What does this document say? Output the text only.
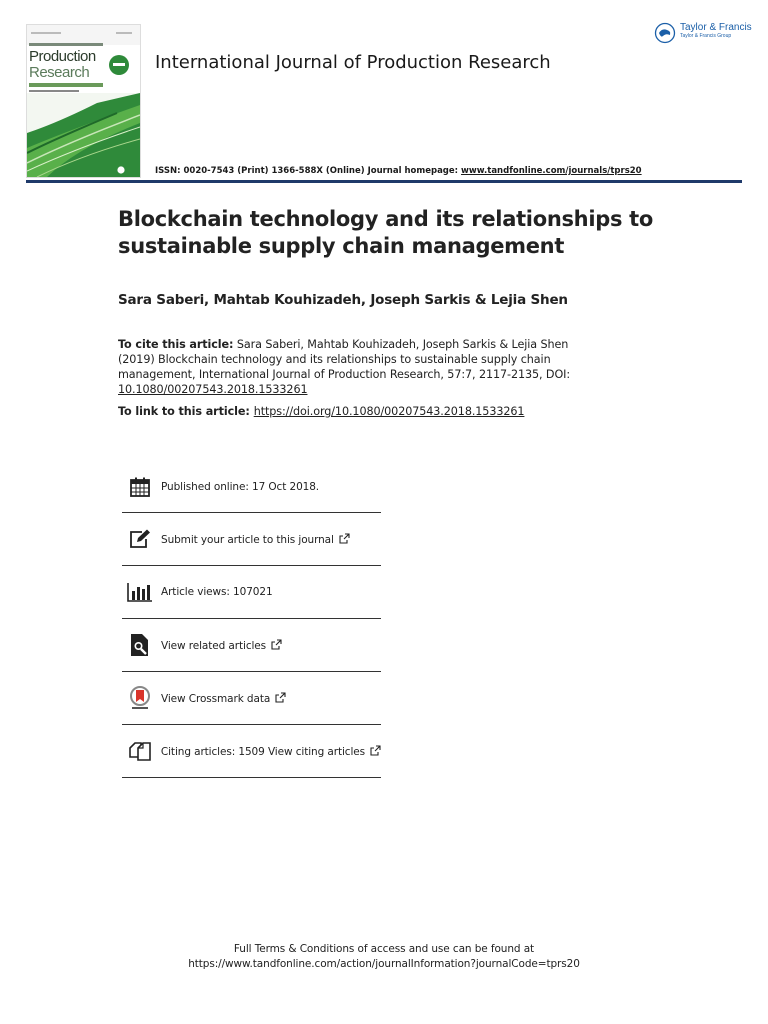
Production
Research	International Journal of Production Research
Taylor & Francis
Taylor & Francis Group
ISSN: 0020-7543 (Print) 1366-588X (Online) Journal homepage: www.tandfonline.com/journals/tprs20
Blockchain technology and its relationships to sustainable supply chain management
Sara Saberi, Mahtab Kouhizadeh, Joseph Sarkis & Lejia Shen
To cite this article: Sara Saberi, Mahtab Kouhizadeh, Joseph Sarkis & Lejia Shen (2019) Blockchain technology and its relationships to sustainable supply chain management, International Journal of Production Research, 57:7, 2117-2135, DOI: 10.1080/00207543.2018.1533261
To link to this article: https://doi.org/10.1080/00207543.2018.1533261
Published online: 17 Oct 2018.
Submit your article to this journal
Article views: 107021
View related articles
View Crossmark data
Citing articles: 1509 View citing articles
Full Terms & Conditions of access and use can be found at
https://www.tandfonline.com/action/journalInformation?journalCode=tprs20
